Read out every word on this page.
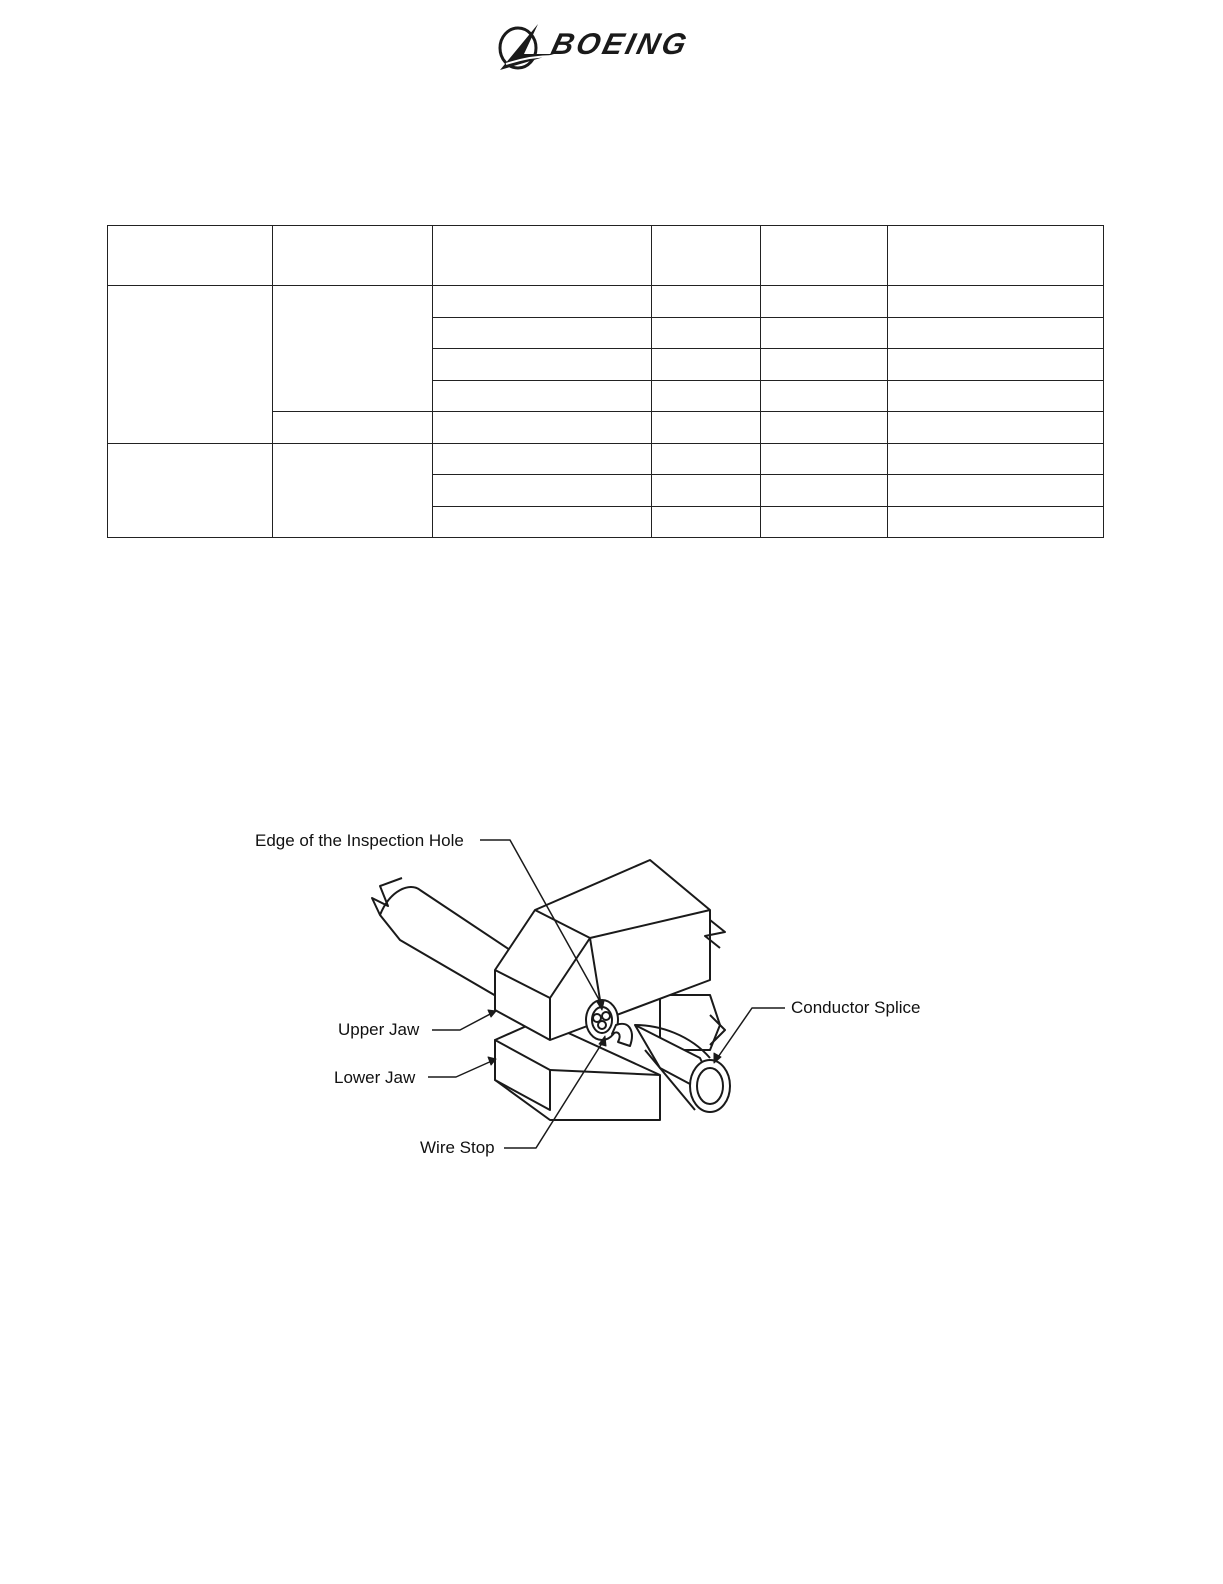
BOEING

Edge of the Inspection Hole
Upper Jaw
Lower Jaw
Wire Stop
Conductor Splice
